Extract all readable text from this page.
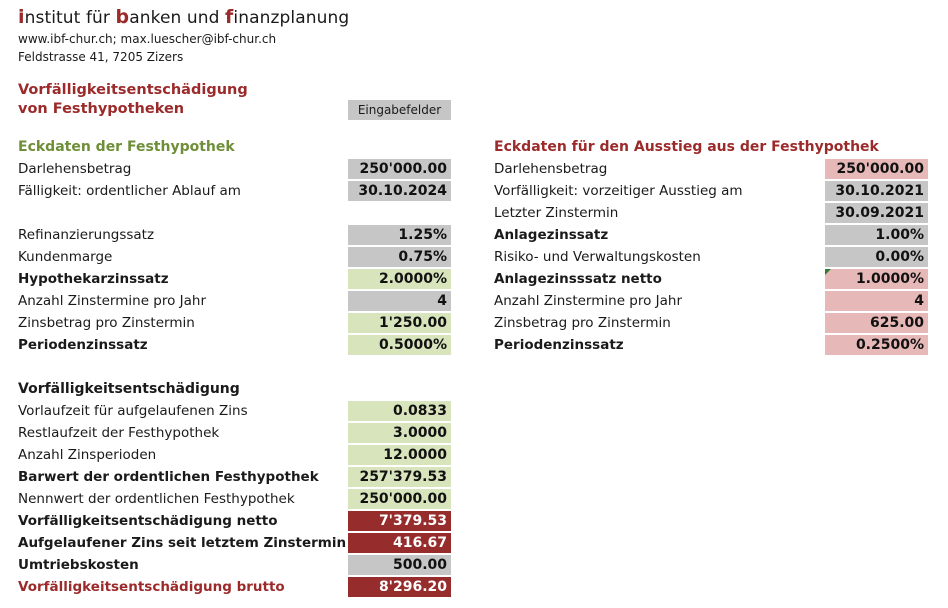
institut für banken und finanzplanung
www.ibf-chur.ch; max.luescher@ibf-chur.ch
Feldstrasse 41, 7205 Zizers
Vorfälligkeitsentschädigung
von Festhypotheken	Eingabefelder
Eckdaten der Festhypothek	Eckdaten für den Ausstieg aus der Festhypothek
Vorfälligkeitsentschädigung
Darlehensbetrag	250'000.00
Fälligkeit: ordentlicher Ablauf am	30.10.2024
Refinanzierungssatz	1.25%
Kundenmarge	0.75%
Hypothekarzinssatz	2.0000%
Anzahl Zinstermine pro Jahr	4
Zinsbetrag pro Zinstermin	1'250.00
Periodenzinssatz	0.5000%
Darlehensbetrag	250'000.00
Vorfälligkeit: vorzeitiger Ausstieg am	30.10.2021
Letzter Zinstermin	30.09.2021
Anlagezinssatz	1.00%
Risiko- und Verwaltungskosten	0.00%
Anlagezinsssatz netto	1.0000%
Anzahl Zinstermine pro Jahr	4
Zinsbetrag pro Zinstermin	625.00
Periodenzinssatz	0.2500%
Vorlaufzeit für aufgelaufenen Zins	0.0833
Restlaufzeit der Festhypothek	3.0000
Anzahl Zinsperioden	12.0000
Barwert der ordentlichen Festhypothek	257'379.53
Nennwert der ordentlichen Festhypothek	250'000.00
Vorfälligkeitsentschädigung netto	7'379.53
Aufgelaufener Zins seit letztem Zinstermin	416.67
Umtriebskosten	500.00
Vorfälligkeitsentschädigung brutto	8'296.20
